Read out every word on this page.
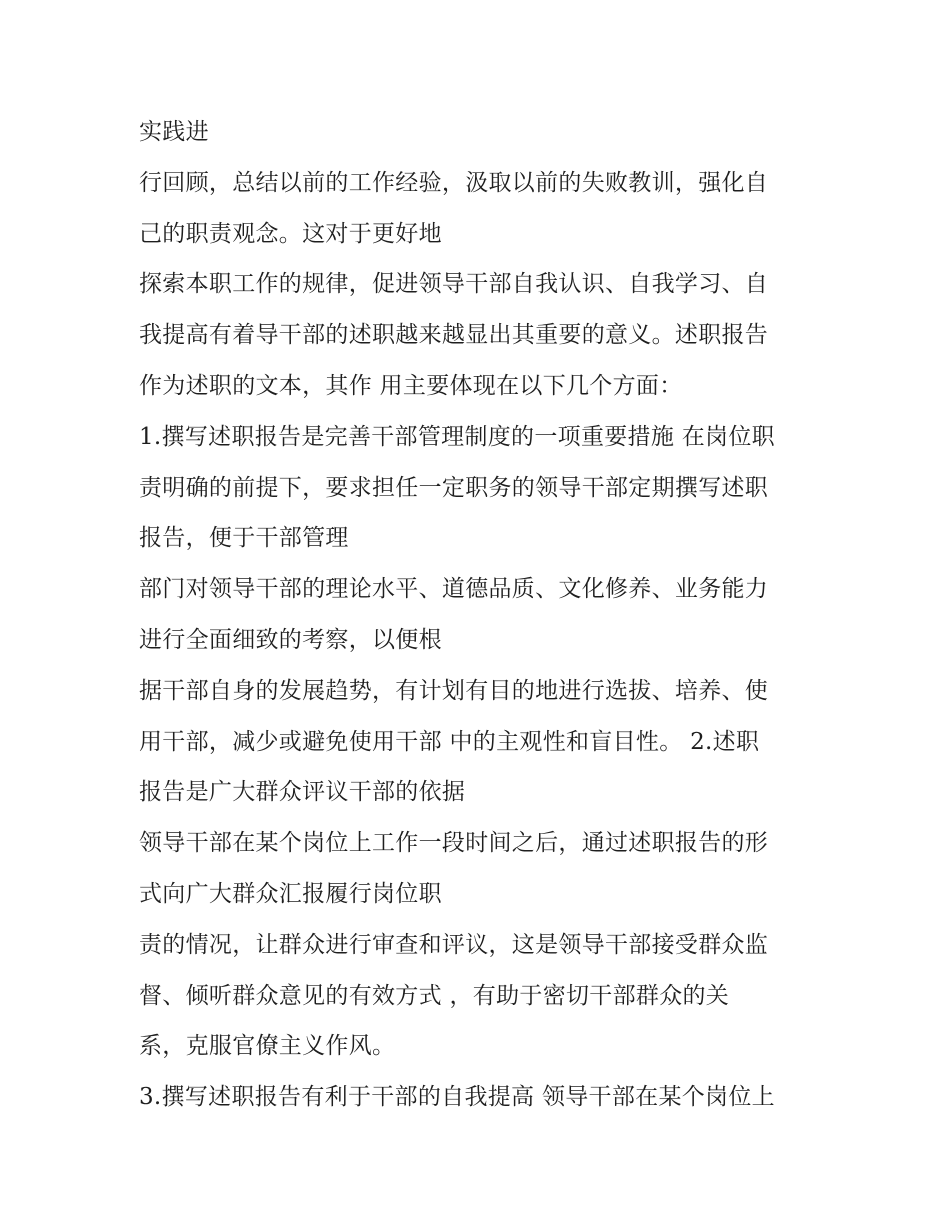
实践进
行回顾，总结以前的工作经验，汲取以前的失败教训，强化自
己的职责观念。这对于更好地
探索本职工作的规律，促进领导干部自我认识、自我学习、自
我提高有着导干部的述职越来越显出其重要的意义。述职报告
作为述职的文本，其作 用主要体现在以下几个方面：
1.撰写述职报告是完善干部管理制度的一项重要措施 在岗位职
责明确的前提下，要求担任一定职务的领导干部定期撰写述职
报告，便于干部管理
部门对领导干部的理论水平、道德品质、文化修养、业务能力
进行全面细致的考察，以便根
据干部自身的发展趋势，有计划有目的地进行选拔、培养、使
用干部，减少或避免使用干部 中的主观性和盲目性。 2.述职
报告是广大群众评议干部的依据
领导干部在某个岗位上工作一段时间之后，通过述职报告的形
式向广大群众汇报履行岗位职
责的情况，让群众进行审查和评议，这是领导干部接受群众监
督、倾听群众意见的有效方式 ，有助于密切干部群众的关
系，克服官僚主义作风。
3.撰写述职报告有利于干部的自我提高 领导干部在某个岗位上
